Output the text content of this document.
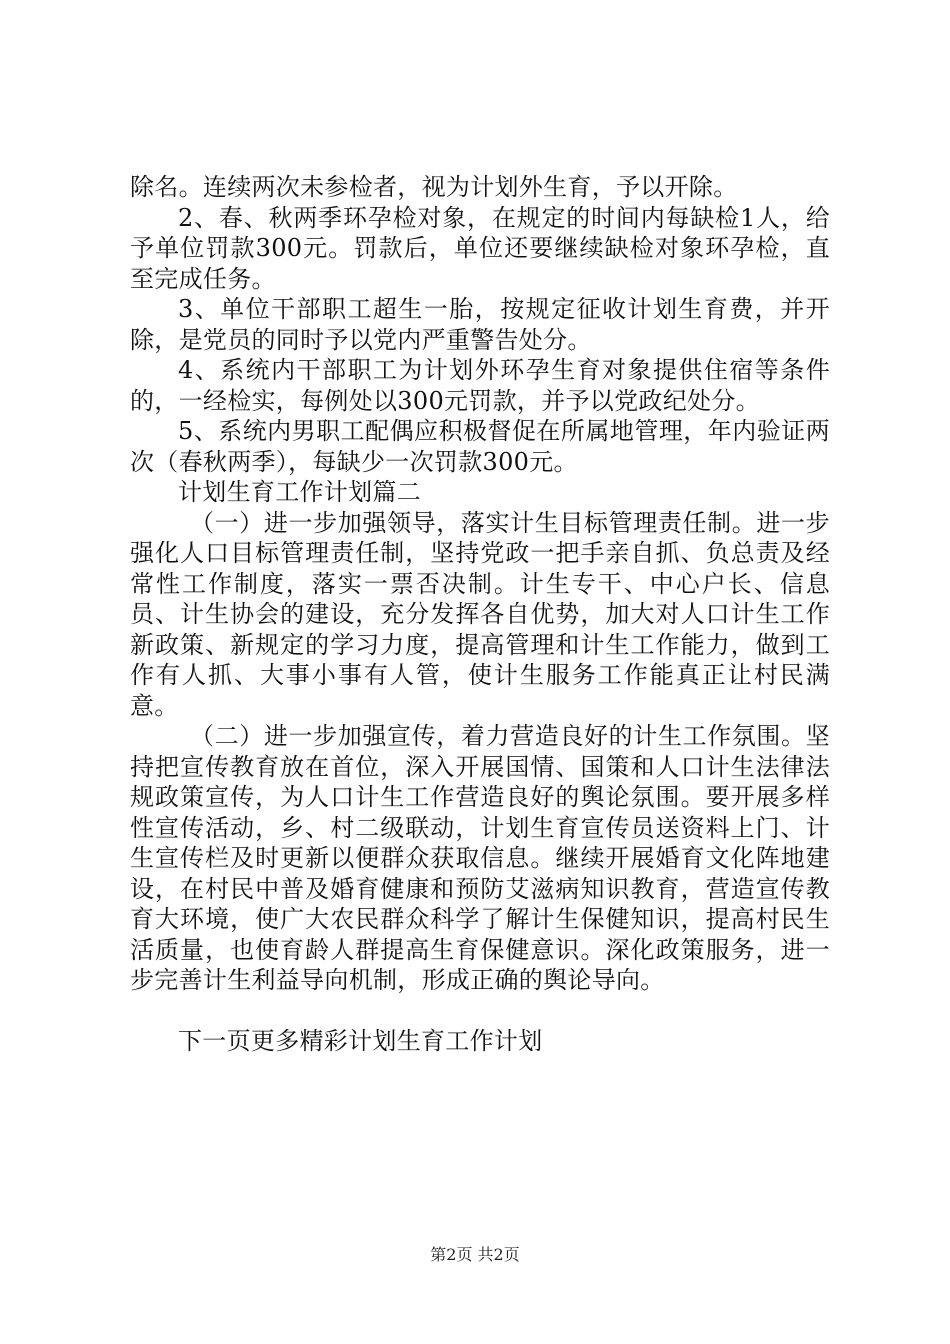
除名。连续两次未参检者，视为计划外生育，予以开除。

2、春、秋两季环孕检对象，在规定的时间内每缺检1人，给予单位罚款300元。罚款后，单位还要继续缺检对象环孕检，直至完成任务。

3、单位干部职工超生一胎，按规定征收计划生育费，并开除，是党员的同时予以党内严重警告处分。

4、系统内干部职工为计划外环孕生育对象提供住宿等条件的，一经检实，每例处以300元罚款，并予以党政纪处分。

5、系统内男职工配偶应积极督促在所属地管理，年内验证两次（春秋两季），每缺少一次罚款300元。

计划生育工作计划篇二

（一）进一步加强领导，落实计生目标管理责任制。进一步强化人口目标管理责任制，坚持党政一把手亲自抓、负总责及经常性工作制度，落实一票否决制。计生专干、中心户长、信息员、计生协会的建设，充分发挥各自优势，加大对人口计生工作新政策、新规定的学习力度，提高管理和计生工作能力，做到工作有人抓、大事小事有人管，使计生服务工作能真正让村民满意。

（二）进一步加强宣传，着力营造良好的计生工作氛围。坚持把宣传教育放在首位，深入开展国情、国策和人口计生法律法规政策宣传，为人口计生工作营造良好的舆论氛围。要开展多样性宣传活动，乡、村二级联动，计划生育宣传员送资料上门、计生宣传栏及时更新以便群众获取信息。继续开展婚育文化阵地建设，在村民中普及婚育健康和预防艾滋病知识教育，营造宣传教育大环境，使广大农民群众科学了解计生保健知识，提高村民生活质量，也使育龄人群提高生育保健意识。深化政策服务，进一步完善计生利益导向机制，形成正确的舆论导向。

下一页更多精彩计划生育工作计划

第2页 共2页
